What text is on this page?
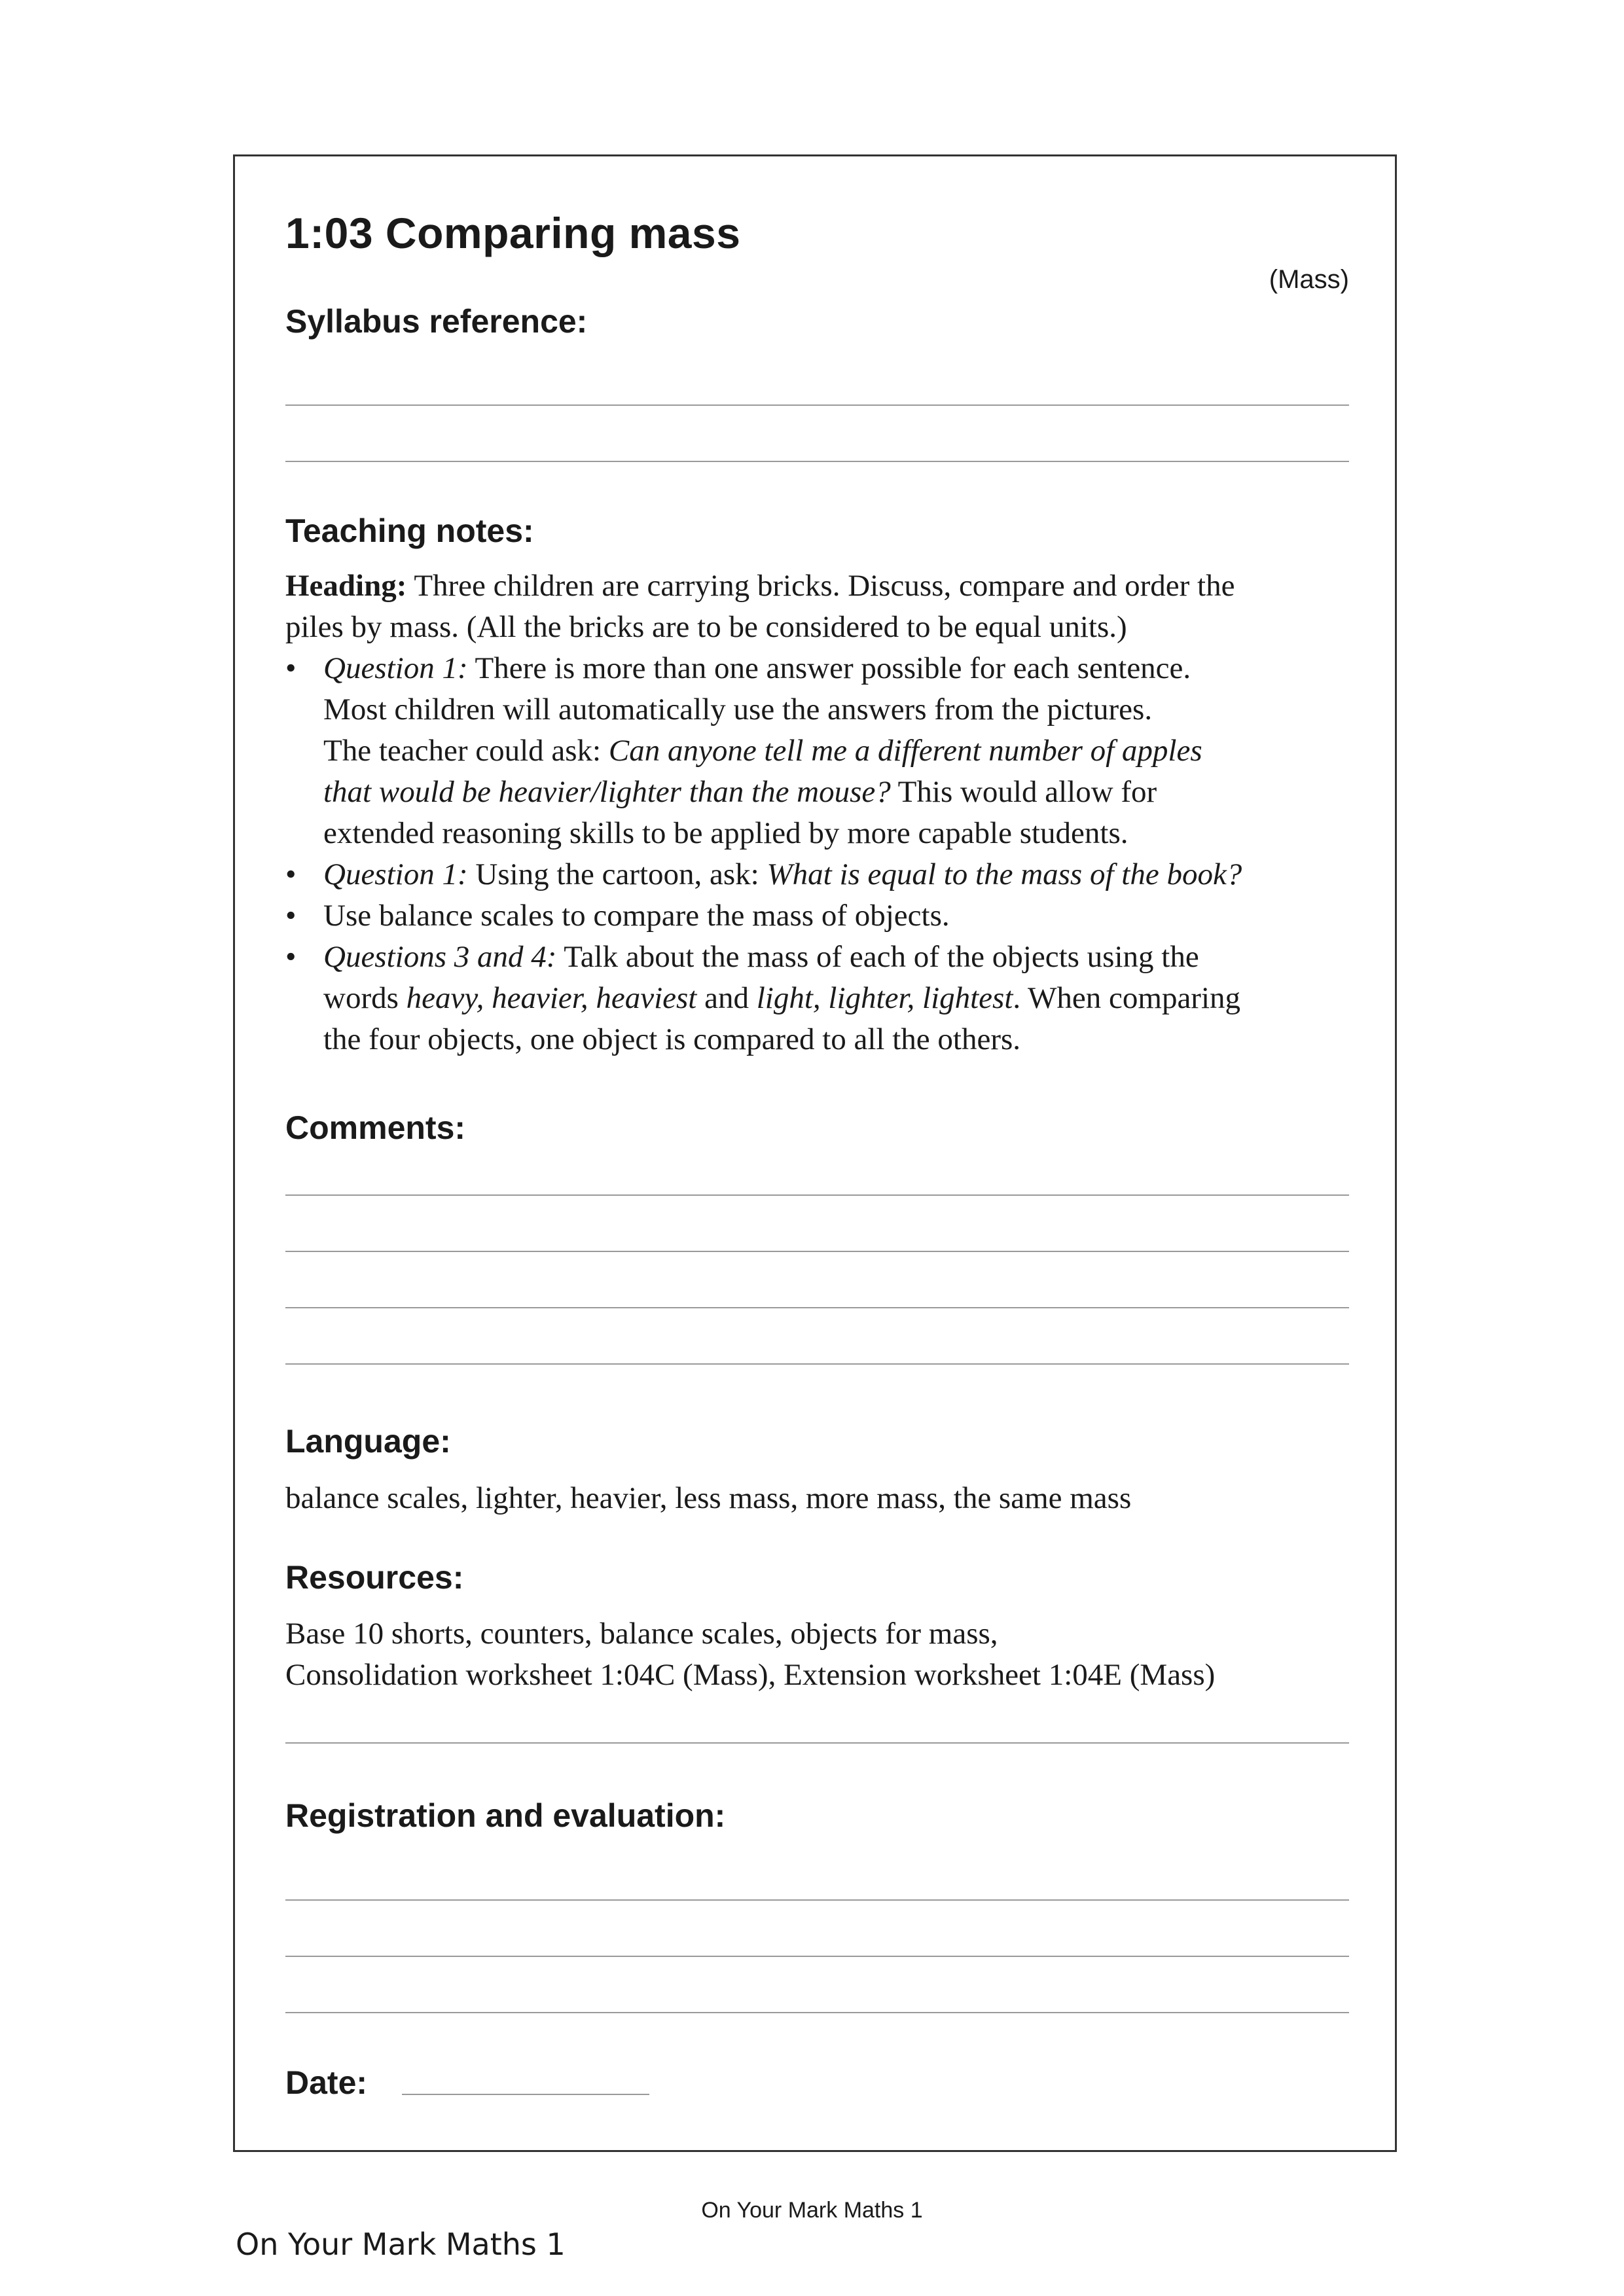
1:03 Comparing mass
(Mass)
Syllabus reference:
Teaching notes:

Heading: Three children are carrying bricks. Discuss, compare and order the
piles by mass. (All the bricks are to be considered to be equal units.)

• Question 1: There is more than one answer possible for each sentence.
Most children will automatically use the answers from the pictures.
The teacher could ask: Can anyone tell me a different number of apples
that would be heavier/lighter than the mouse? This would allow for
extended reasoning skills to be applied by more capable students.
• Question 1: Using the cartoon, ask: What is equal to the mass of the book?
• Use balance scales to compare the mass of objects.
• Questions 3 and 4: Talk about the mass of each of the objects using the
words heavy, heavier, heaviest and light, lighter, lightest. When comparing
the four objects, one object is compared to all the others.
Comments:
Language:
balance scales, lighter, heavier, less mass, more mass, the same mass
Resources:
Base 10 shorts, counters, balance scales, objects for mass,
Consolidation worksheet 1:04C (Mass), Extension worksheet 1:04E (Mass)
Registration and evaluation:
Date:
On Your Mark Maths 1
On Your Mark Maths 1
